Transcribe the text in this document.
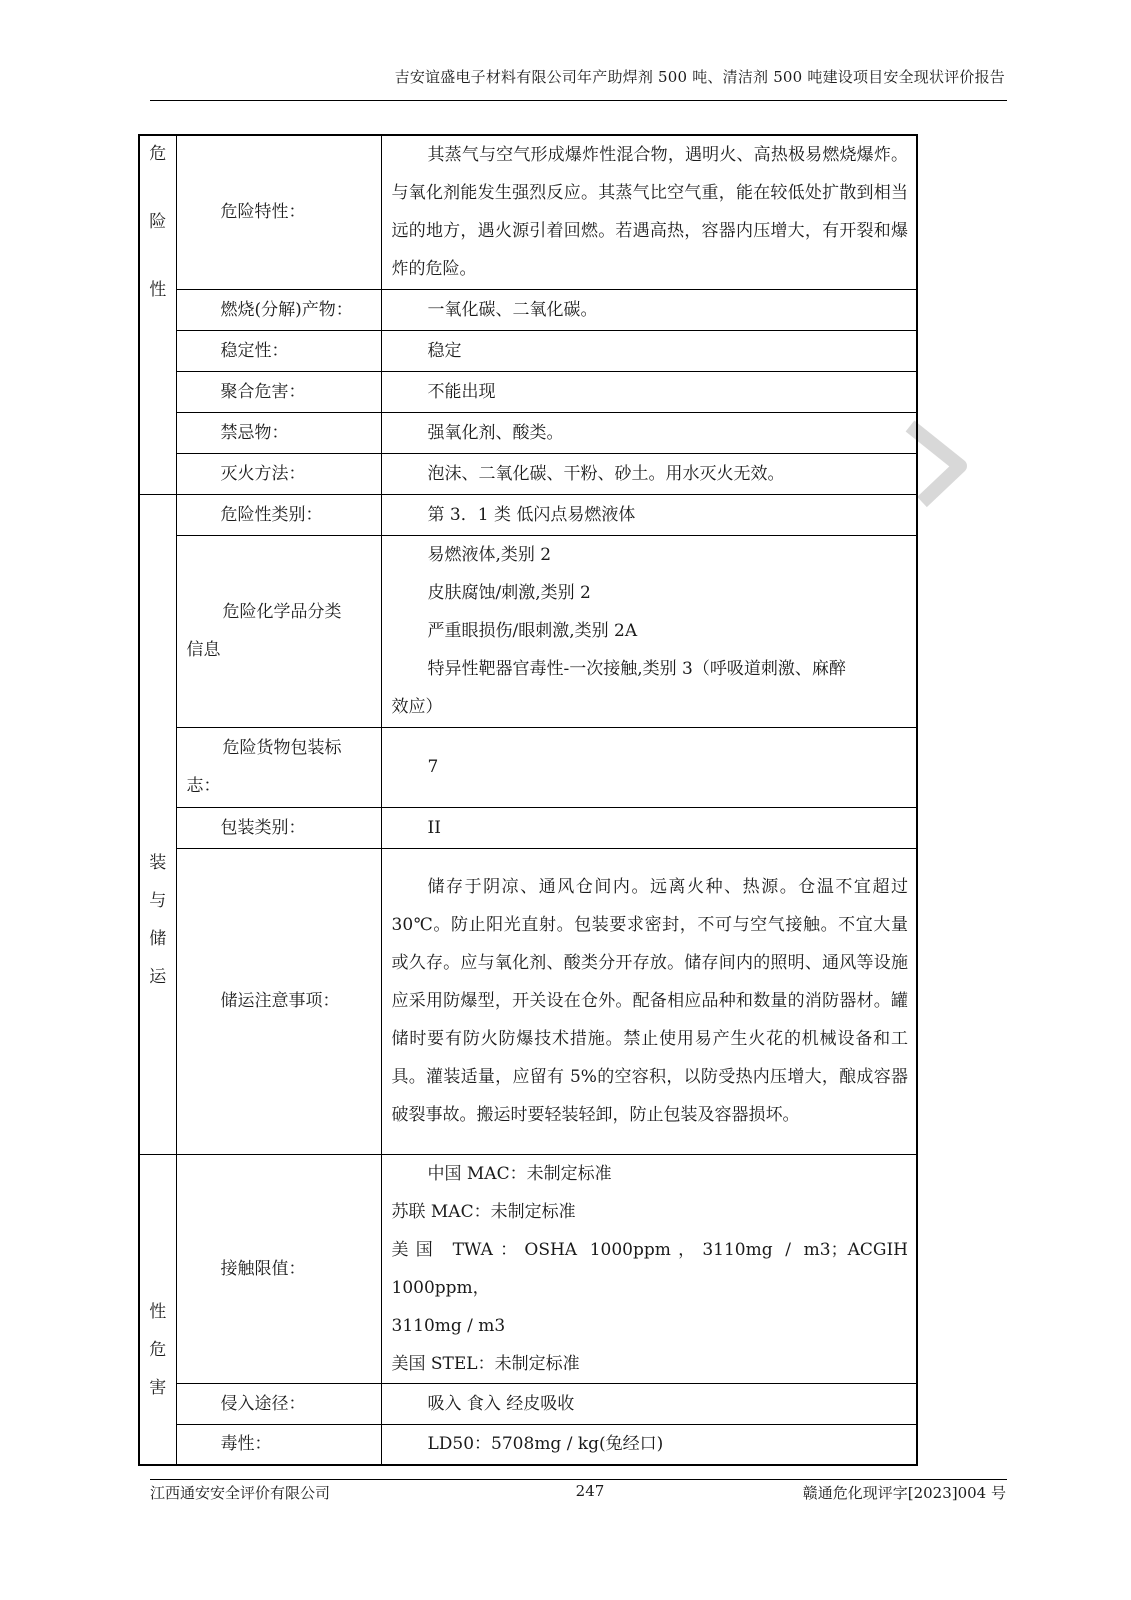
吉安谊盛电子材料有限公司年产助焊剂 500 吨、清洁剂 500 吨建设项目安全现状评价报告
危
险
性	危险特性：	其蒸气与空气形成爆炸性混合物，遇明火、高热极易燃烧爆炸。与氧化剂能发生强烈反应。其蒸气比空气重，能在较低处扩散到相当远的地方，遇火源引着回燃。若遇高热，容器内压增大，有开裂和爆炸的危险。
	燃烧(分解)产物：	一氧化碳、二氧化碳。
	稳定性：	稳定
	聚合危害：	不能出现
	禁忌物：	强氧化剂、酸类。
	灭火方法：	泡沫、二氧化碳、干粉、砂土。用水灭火无效。

装
与
储
运	危险性类别：	第 3．1 类 低闪点易燃液体

	危险化学品分类
信息	易燃液体,类别 2
皮肤腐蚀/刺激,类别 2
严重眼损伤/眼刺激,类别 2A
特异性靶器官毒性-一次接触,类别 3（呼吸道刺激、麻醉
效应）

	危险货物包装标
志：	7
	包装类别：	II
	储运注意事项：	储存于阴凉、通风仓间内。远离火种、热源。仓温不宜超过 30℃。防止阳光直射。包装要求密封，不可与空气接触。不宜大量或久存。应与氧化剂、酸类分开存放。储存间内的照明、通风等设施应采用防爆型，开关设在仓外。配备相应品种和数量的消防器材。罐储时要有防火防爆技术措施。禁止使用易产生火花的机械设备和工具。灌装适量，应留有 5%的空容积，以防受热内压增大，酿成容器破裂事故。搬运时要轻装轻卸，防止包装及容器损坏。

性
危
害	接触限值：	中国 MAC：未制定标准
苏联 MAC：未制定标准
美国 TWA：OSHA 1000ppm，3110mg / m3；ACGIH 1000ppm，
3110mg / m3
美国 STEL：未制定标准

	侵入途径：	吸入 食入 经皮吸收
	毒性：	LD50：5708mg / kg(兔经口)
江西通安安全评价有限公司	247	赣通危化现评字[2023]004 号
